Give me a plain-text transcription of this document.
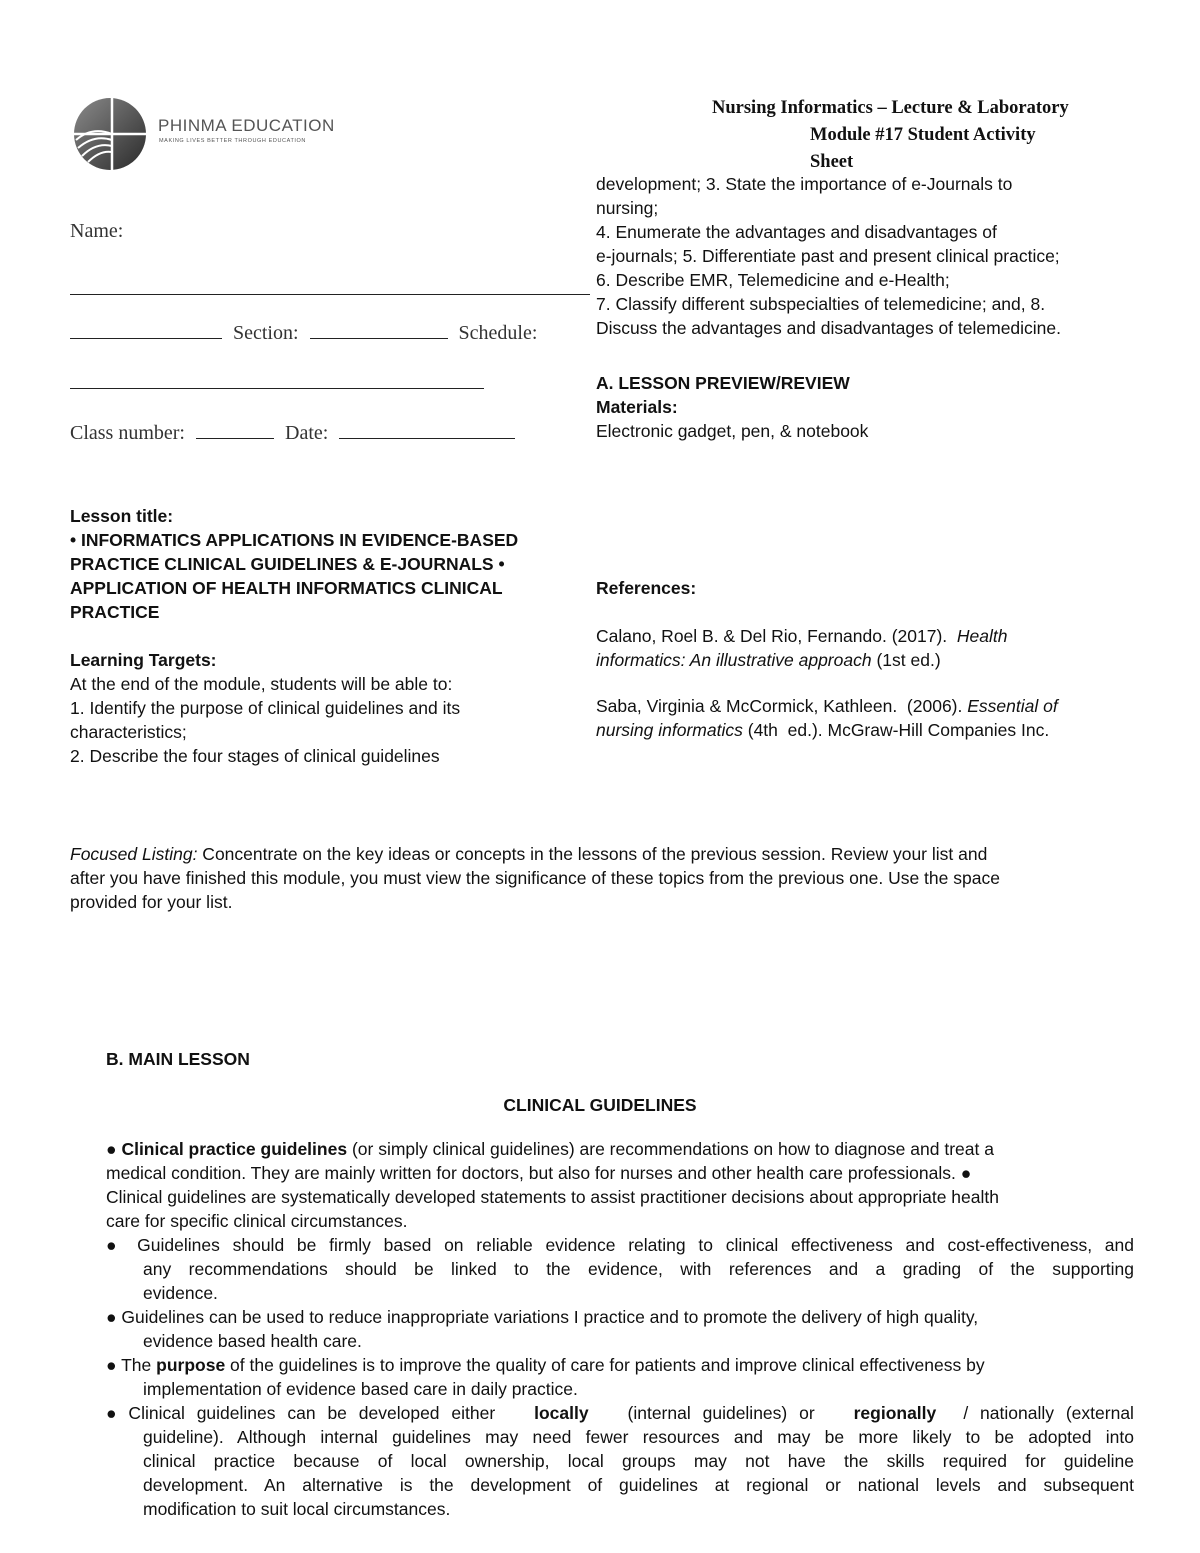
PHINMA EDUCATION
MAKING LIVES BETTER THROUGH EDUCATION
Nursing Informatics – Lecture & Laboratory
Module #17 Student Activity
Sheet
Name:
Section:	Schedule:
Class number:	Date:
development; 3. State the importance of e-Journals to
nursing;
4. Enumerate the advantages and disadvantages of
e-journals; 5. Differentiate past and present clinical practice;
6. Describe EMR, Telemedicine and e-Health;
7. Classify different subspecialties of telemedicine; and, 8.
Discuss the advantages and disadvantages of telemedicine.
A. LESSON PREVIEW/REVIEW
Materials:
Electronic gadget, pen, & notebook
Lesson title:
• INFORMATICS APPLICATIONS IN EVIDENCE-BASED
PRACTICE CLINICAL GUIDELINES & E-JOURNALS •
APPLICATION OF HEALTH INFORMATICS CLINICAL
PRACTICE
Learning Targets:
At the end of the module, students will be able to:
1. Identify the purpose of clinical guidelines and its
characteristics;
2. Describe the four stages of clinical guidelines
References:
Calano, Roel B. & Del Rio, Fernando. (2017).  Health
informatics: An illustrative approach (1st ed.)
Saba, Virginia & McCormick, Kathleen.  (2006). Essential of
nursing informatics (4th  ed.). McGraw-Hill Companies Inc.
Focused Listing: Concentrate on the key ideas or concepts in the lessons of the previous session. Review your list and
after you have finished this module, you must view the significance of these topics from the previous one. Use the space
provided for your list.
B. MAIN LESSON
CLINICAL GUIDELINES
● Clinical practice guidelines (or simply clinical guidelines) are recommendations on how to diagnose and treat a
medical condition. They are mainly written for doctors, but also for nurses and other health care professionals. ●
Clinical guidelines are systematically developed statements to assist practitioner decisions about appropriate health
care for specific clinical circumstances.
● Guidelines should be firmly based on reliable evidence relating to clinical effectiveness and cost-effectiveness, and
any recommendations should be linked to the evidence, with references and a grading of the supporting
evidence.
● Guidelines can be used to reduce inappropriate variations I practice and to promote the delivery of high quality,
evidence based health care.
● The purpose of the guidelines is to improve the quality of care for patients and improve clinical effectiveness by
implementation of evidence based care in daily practice.
● Clinical guidelines can be developed either locally (internal guidelines) or regionally / nationally (external
guideline). Although internal guidelines may need fewer resources and may be more likely to be adopted into
clinical practice because of local ownership, local groups may not have the skills required for guideline
development. An alternative is the development of guidelines at regional or national levels and subsequent
modification to suit local circumstances.
